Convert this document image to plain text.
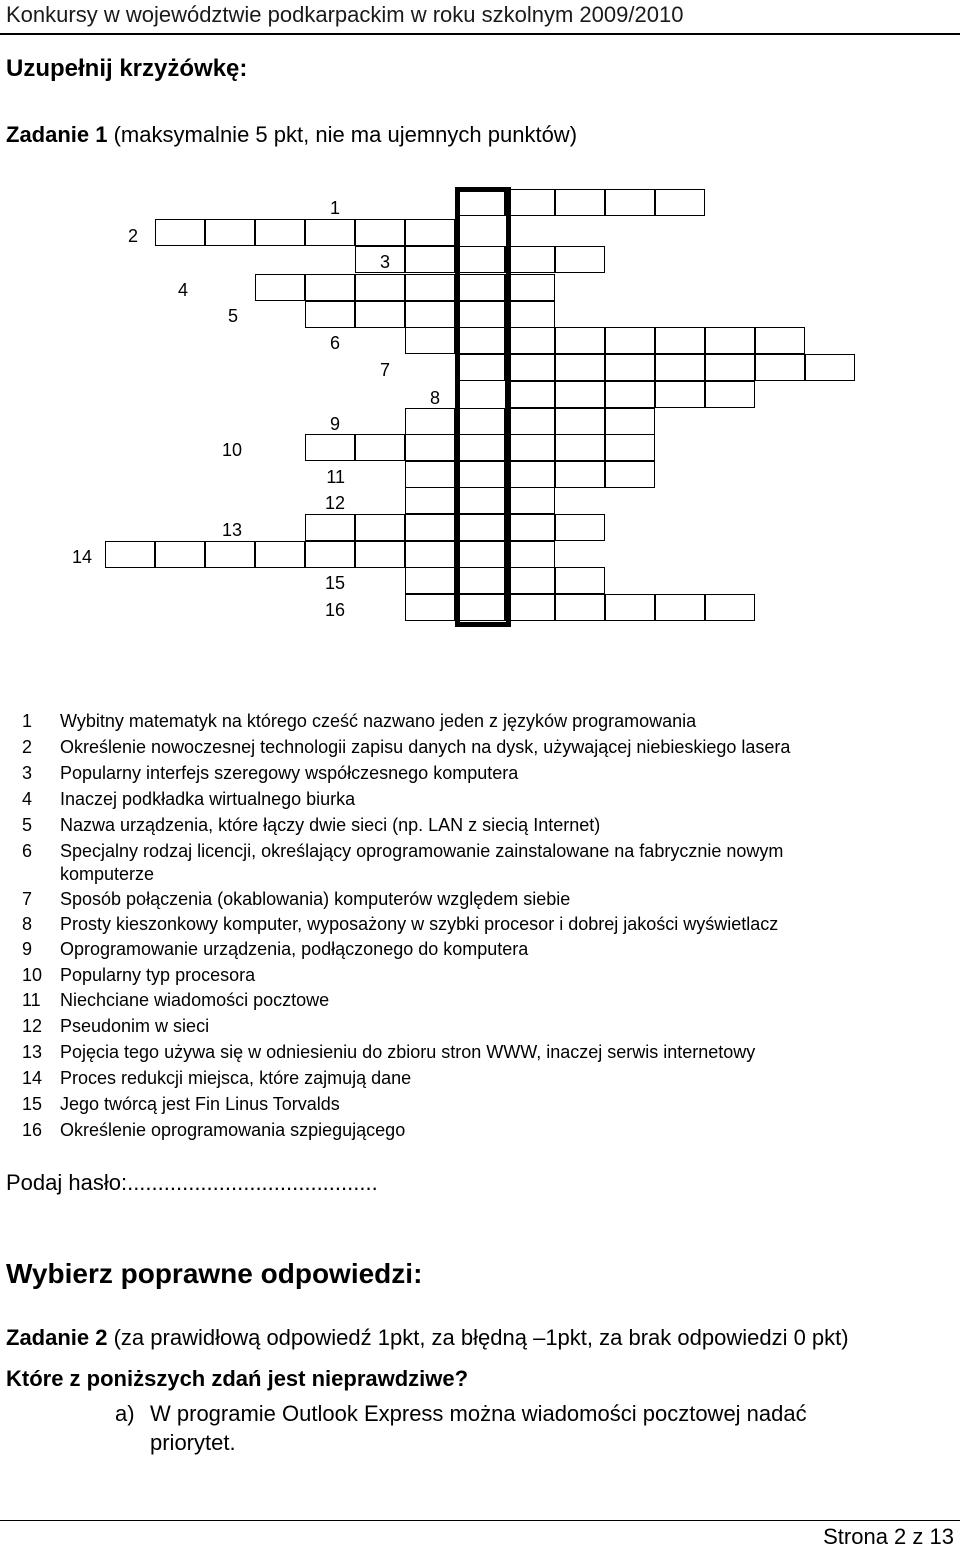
Konkursy w województwie podkarpackim w roku szkolnym 2009/2010
Uzupełnij krzyżówkę:
Zadanie 1 (maksymalnie 5 pkt, nie ma ujemnych punktów)
1
2
3
4
5
6
7
8
9
10
11
12
13
14
15
16
1 Wybitny matematyk na którego cześć nazwano jeden z języków programowania
2 Określenie nowoczesnej technologii zapisu danych na dysk, używającej niebieskiego lasera
3 Popularny interfejs szeregowy współczesnego komputera
4 Inaczej podkładka wirtualnego biurka
5 Nazwa urządzenia, które łączy dwie sieci (np. LAN z siecią Internet)
6 Specjalny rodzaj licencji, określający oprogramowanie zainstalowane na fabrycznie nowym
komputerze
7 Sposób połączenia (okablowania) komputerów względem siebie
8 Prosty kieszonkowy komputer, wyposażony w szybki procesor i dobrej jakości wyświetlacz
9 Oprogramowanie urządzenia, podłączonego do komputera
10 Popularny typ procesora
11 Niechciane wiadomości pocztowe
12 Pseudonim w sieci
13 Pojęcia tego używa się w odniesieniu do zbioru stron WWW, inaczej serwis internetowy
14 Proces redukcji miejsca, które zajmują dane
15 Jego twórcą jest Fin Linus Torvalds
16 Określenie oprogramowania szpiegującego
Podaj hasło:.........................................
Wybierz poprawne odpowiedzi:
Zadanie 2 (za prawidłową odpowiedź 1pkt, za błędną –1pkt, za brak odpowiedzi 0 pkt)
Które z poniższych zdań jest nieprawdziwe?
a) W programie Outlook Express można wiadomości pocztowej nadać
priorytet.
Strona 2 z 13
